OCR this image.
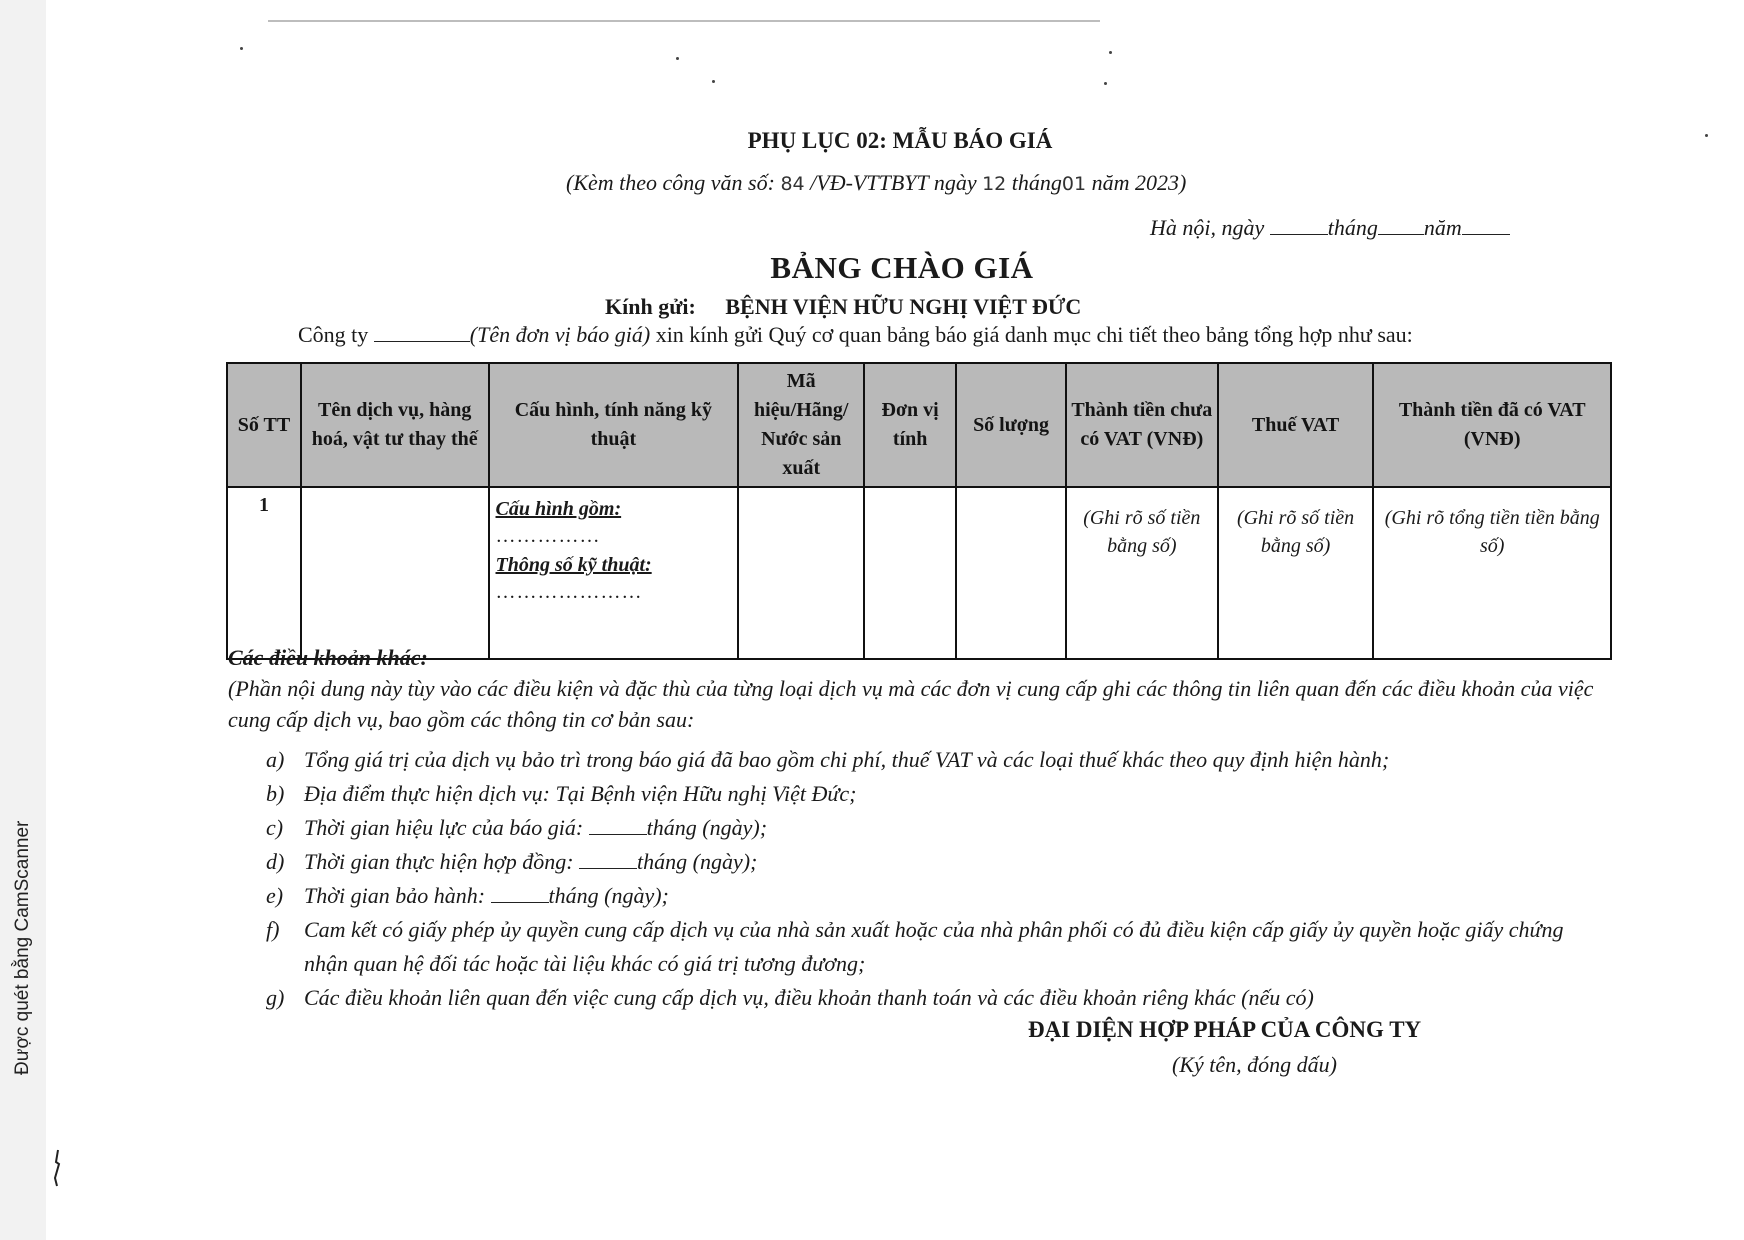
Được quét bằng CamScanner
PHỤ LỤC 02: MẪU BÁO GIÁ
(Kèm theo công văn số: 84 /VĐ-VTTBYT ngày 12 tháng01 năm 2023)
Hà nội, ngày	tháng năm
BẢNG CHÀO GIÁ
Kính gửi: BỆNH VIỆN HỮU NGHỊ VIỆT ĐỨC
Công ty	(Tên đơn vị báo giá) xin kính gửi Quý cơ quan bảng báo giá danh mục chi tiết theo bảng tổng hợp như sau:
Số TT	Tên dịch vụ, hàng hoá, vật tư thay thế	Cấu hình, tính năng kỹ thuật	Mã hiệu/Hãng/ Nước sản xuất	Đơn vị tính	Số lượng	Thành tiền chưa có VAT (VNĐ)	Thuế VAT	Thành tiền đã có VAT (VNĐ)
1		Cấu hình gồm:
……………
Thông số kỹ thuật:
…………………				(Ghi rõ số tiền bằng số)	(Ghi rõ số tiền bằng số)	(Ghi rõ tổng tiền tiền bằng số)
Các điều khoản khác:

(Phần nội dung này tùy vào các điều kiện và đặc thù của từng loại dịch vụ mà các đơn vị cung cấp ghi các thông tin liên quan đến các điều khoản của việc cung cấp dịch vụ, bao gồm các thông tin cơ bản sau:

a) Tổng giá trị của dịch vụ bảo trì trong báo giá đã bao gồm chi phí, thuế VAT và các loại thuế khác theo quy định hiện hành;
b) Địa điểm thực hiện dịch vụ: Tại Bệnh viện Hữu nghị Việt Đức;
c) Thời gian hiệu lực của báo giá:	tháng (ngày);
d) Thời gian thực hiện hợp đồng:	tháng (ngày);
e) Thời gian bảo hành:	tháng (ngày);
f)	Cam kết có giấy phép ủy quyền cung cấp dịch vụ của nhà sản xuất hoặc của nhà phân phối có đủ điều kiện cấp giấy ủy quyền hoặc giấy chứng nhận quan hệ đối tác hoặc tài liệu khác có giá trị tương đương;
g) Các điều khoản liên quan đến việc cung cấp dịch vụ, điều khoản thanh toán và các điều khoản riêng khác (nếu có)
ĐẠI DIỆN HỢP PHÁP CỦA CÔNG TY
(Ký tên, đóng dấu)
